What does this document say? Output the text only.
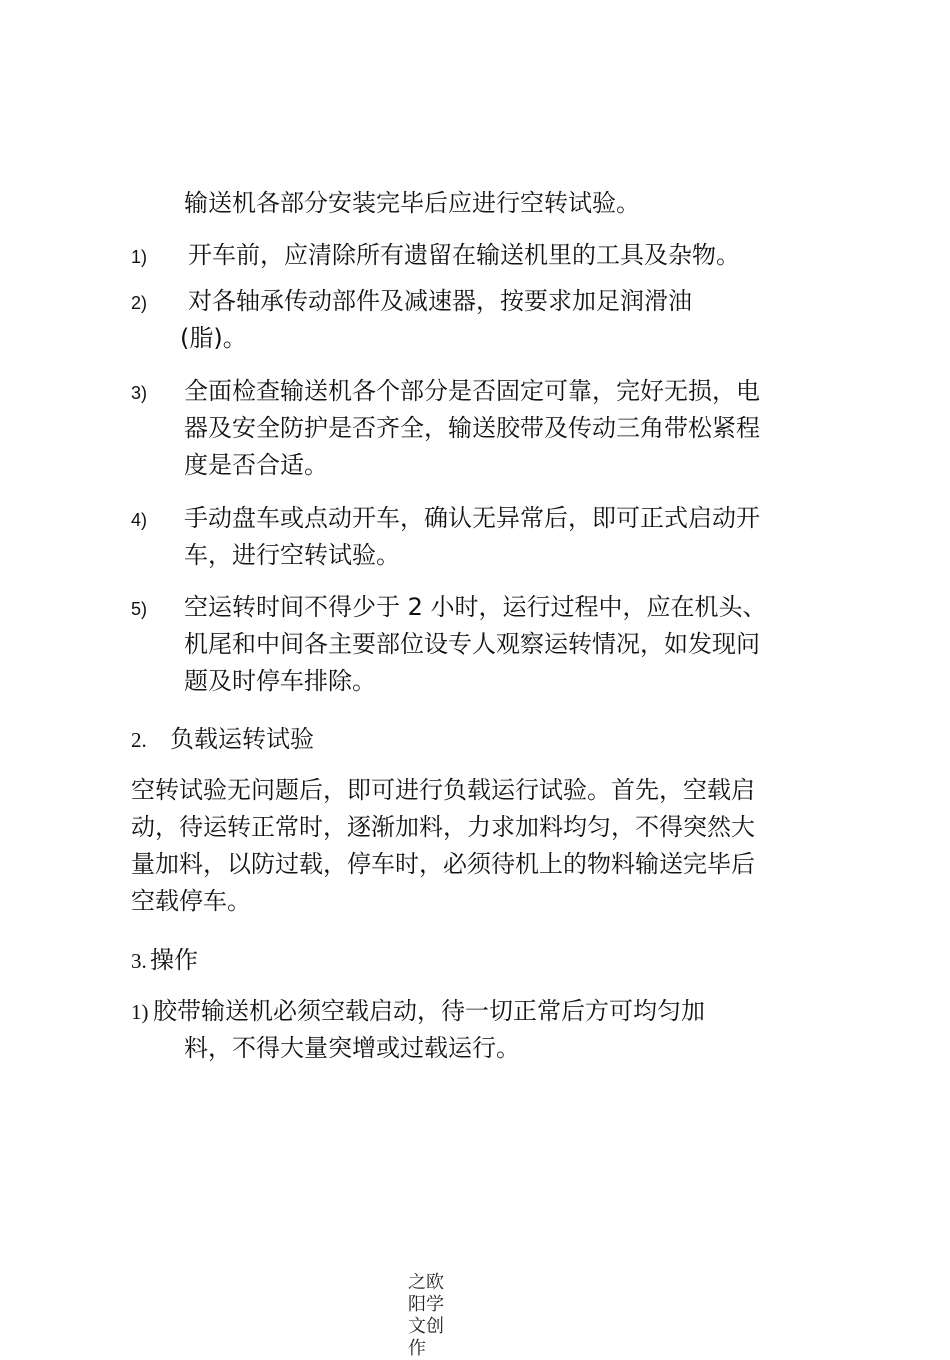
输送机各部分安装完毕后应进行空转试验。

1) 开车前，应清除所有遗留在输送机里的工具及杂物。
2) 对各轴承传动部件及减速器，按要求加足润滑油

(脂)。

3) 全面检查输送机各个部分是否固定可靠，完好无损，电
器及安全防护是否齐全，输送胶带及传动三角带松紧程
度是否合适。
4) 手动盘车或点动开车，确认无异常后，即可正式启动开
车，进行空转试验。
5) 空运转时间不得少于 2 小时，运行过程中，应在机头、
机尾和中间各主要部位设专人观察运转情况，如发现问
题及时停车排除。
2. 负载运转试验

空转试验无问题后，即可进行负载运行试验。首先，空载启
动，待运转正常时，逐渐加料，力求加料均匀，不得突然大
量加料，以防过载，停车时，必须待机上的物料输送完毕后
空载停车。
3. 操作

1) 胶带输送机必须空载启动，待一切正常后方可均匀加

料，不得大量突增或过载运行。

之欧阳学文创作
